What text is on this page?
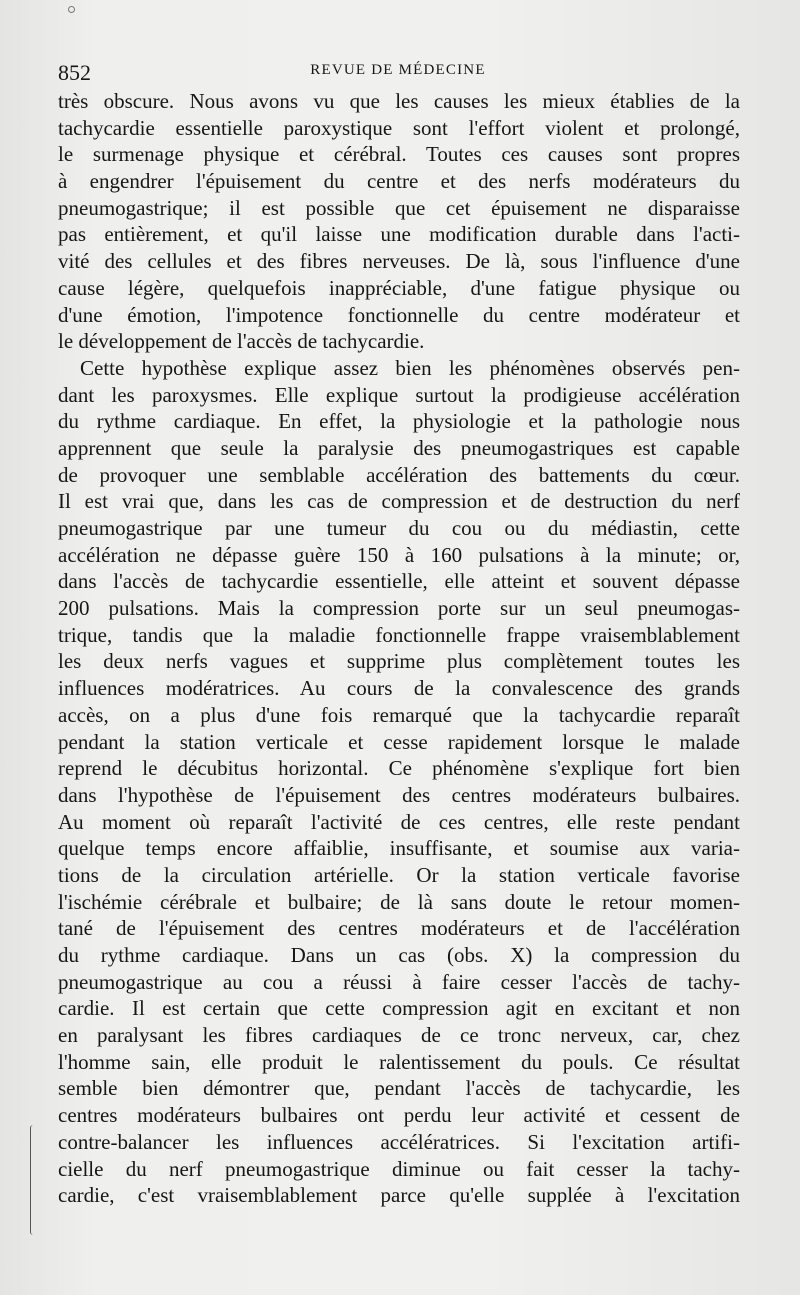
852	REVUE DE MÉDECINE
très obscure. Nous avons vu que les causes les mieux établies de la
tachycardie essentielle paroxystique sont l'effort violent et prolongé,
le surmenage physique et cérébral. Toutes ces causes sont propres
à engendrer l'épuisement du centre et des nerfs modérateurs du
pneumogastrique; il est possible que cet épuisement ne disparaisse
pas entièrement, et qu'il laisse une modification durable dans l'acti-
vité des cellules et des fibres nerveuses. De là, sous l'influence d'une
cause légère, quelquefois inappréciable, d'une fatigue physique ou
d'une émotion, l'impotence fonctionnelle du centre modérateur et
le développement de l'accès de tachycardie.
Cette hypothèse explique assez bien les phénomènes observés pen-
dant les paroxysmes. Elle explique surtout la prodigieuse accélération
du rythme cardiaque. En effet, la physiologie et la pathologie nous
apprennent que seule la paralysie des pneumogastriques est capable
de provoquer une semblable accélération des battements du cœur.
Il est vrai que, dans les cas de compression et de destruction du nerf
pneumogastrique par une tumeur du cou ou du médiastin, cette
accélération ne dépasse guère 150 à 160 pulsations à la minute; or,
dans l'accès de tachycardie essentielle, elle atteint et souvent dépasse
200 pulsations. Mais la compression porte sur un seul pneumogas-
trique, tandis que la maladie fonctionnelle frappe vraisemblablement
les deux nerfs vagues et supprime plus complètement toutes les
influences modératrices. Au cours de la convalescence des grands
accès, on a plus d'une fois remarqué que la tachycardie reparaît
pendant la station verticale et cesse rapidement lorsque le malade
reprend le décubitus horizontal. Ce phénomène s'explique fort bien
dans l'hypothèse de l'épuisement des centres modérateurs bulbaires.
Au moment où reparaît l'activité de ces centres, elle reste pendant
quelque temps encore affaiblie, insuffisante, et soumise aux varia-
tions de la circulation artérielle. Or la station verticale favorise
l'ischémie cérébrale et bulbaire; de là sans doute le retour momen-
tané de l'épuisement des centres modérateurs et de l'accélération
du rythme cardiaque. Dans un cas (obs. X) la compression du
pneumogastrique au cou a réussi à faire cesser l'accès de tachy-
cardie. Il est certain que cette compression agit en excitant et non
en paralysant les fibres cardiaques de ce tronc nerveux, car, chez
l'homme sain, elle produit le ralentissement du pouls. Ce résultat
semble bien démontrer que, pendant l'accès de tachycardie, les
centres modérateurs bulbaires ont perdu leur activité et cessent de
contre-balancer les influences accélératrices. Si l'excitation artifi-
cielle du nerf pneumogastrique diminue ou fait cesser la tachy-
cardie, c'est vraisemblablement parce qu'elle supplée à l'excitation
